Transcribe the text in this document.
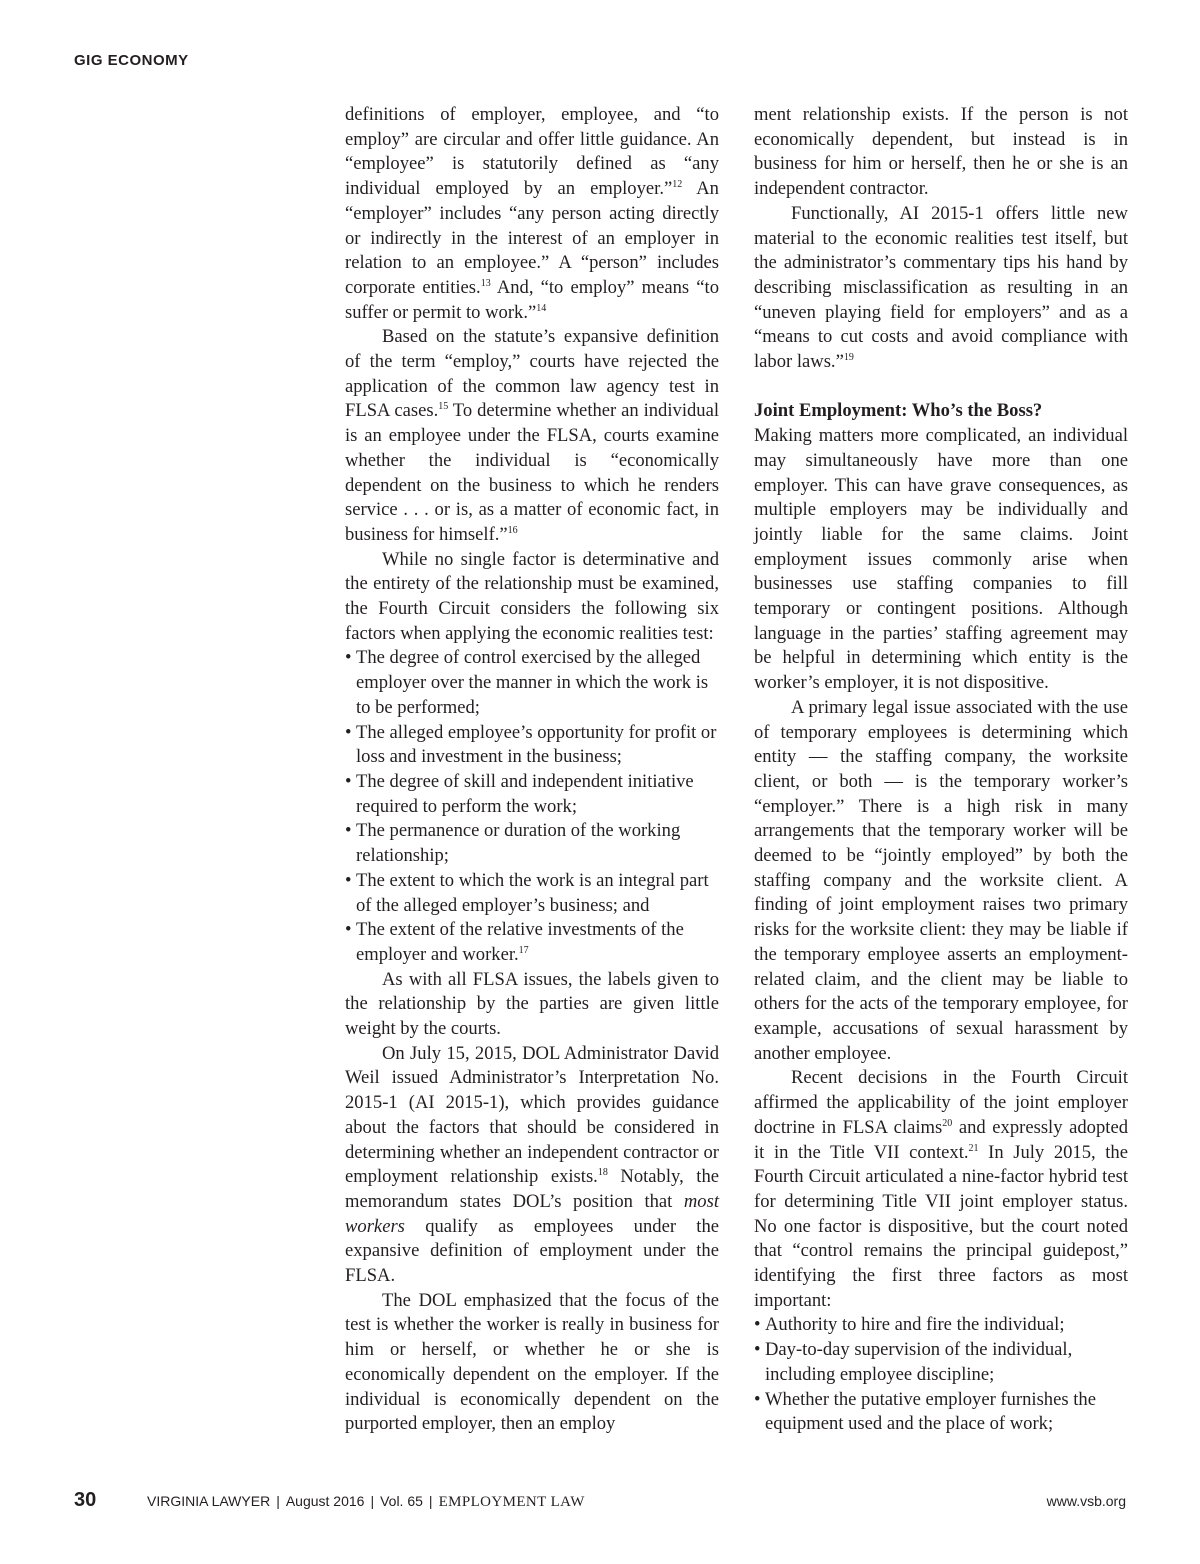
GIG ECONOMY

definitions of employer, employee, and “to employ” are circular and offer little guidance. An “employee” is statutorily defined as “any individual employed by an employer.”$^{12}$ An “employer” includes “any person acting directly or indirectly in the interest of an employer in relation to an employee.” A “person” includes corporate entities.$^{13}$ And, “to employ” means “to suffer or permit to work.”$^{14}$

Based on the statute’s expansive definition of the term “employ,” courts have rejected the application of the common law agency test in FLSA cases.$^{15}$ To determine whether an individual is an employee under the FLSA, courts examine whether the individual is “economically dependent on the business to which he renders service . . . or is, as a matter of economic fact, in business for himself.”$^{16}$

While no single factor is determinative and the entirety of the relationship must be examined, the Fourth Circuit considers the following six factors when applying the economic realities test:

• The degree of control exercised by the alleged employer over the manner in which the work is to be performed;
• The alleged employee’s opportunity for profit or loss and investment in the business;
• The degree of skill and independent initiative required to perform the work;
• The permanence or duration of the working relationship;
• The extent to which the work is an integral part of the alleged employer’s business; and
• The extent of the relative investments of the employer and worker.$^{17}$

As with all FLSA issues, the labels given to the relationship by the parties are given little weight by the courts.

On July 15, 2015, DOL Administrator David Weil issued Administrator’s Interpretation No. 2015-1 (AI 2015-1), which provides guidance about the factors that should be considered in determining whether an independent contractor or employment relationship exists.$^{18}$ Notably, the memorandum states DOL’s position that most workers qualify as employees under the expansive definition of employment under the FLSA.

The DOL emphasized that the focus of the test is whether the worker is really in business for him or herself, or whether he or she is economically dependent on the employer. If the individual is economically dependent on the purported employer, then an employ

ment relationship exists. If the person is not economically dependent, but instead is in business for him or herself, then he or she is an independent contractor.

Functionally, AI 2015-1 offers little new material to the economic realities test itself, but the administrator’s commentary tips his hand by describing misclassification as resulting in an “uneven playing field for employers” and as a “means to cut costs and avoid compliance with labor laws.”$^{19}$

Joint Employment: Who’s the Boss?

Making matters more complicated, an individual may simultaneously have more than one employer. This can have grave consequences, as multiple employers may be individually and jointly liable for the same claims. Joint employment issues commonly arise when businesses use staffing companies to fill temporary or contingent positions. Although language in the parties’ staffing agreement may be helpful in determining which entity is the worker’s employer, it is not dispositive.

A primary legal issue associated with the use of temporary employees is determining which entity — the staffing company, the worksite client, or both — is the temporary worker’s “employer.” There is a high risk in many arrangements that the temporary worker will be deemed to be “jointly employed” by both the staffing company and the worksite client. A finding of joint employment raises two primary risks for the worksite client: they may be liable if the temporary employee asserts an employment-related claim, and the client may be liable to others for the acts of the temporary employee, for example, accusations of sexual harassment by another employee.

Recent decisions in the Fourth Circuit affirmed the applicability of the joint employer doctrine in FLSA claims$^{20}$ and expressly adopted it in the Title VII context.$^{21}$ In July 2015, the Fourth Circuit articulated a nine-factor hybrid test for determining Title VII joint employer status. No one factor is dispositive, but the court noted that “control remains the principal guidepost,” identifying the first three factors as most important:

• Authority to hire and fire the individual;
• Day-to-day supervision of the individual, including employee discipline;
• Whether the putative employer furnishes the equipment used and the place of work;
30	VIRGINIA LAWYER | August 2016 | Vol. 65 | EMPLOYMENT LAW	www.vsb.org
